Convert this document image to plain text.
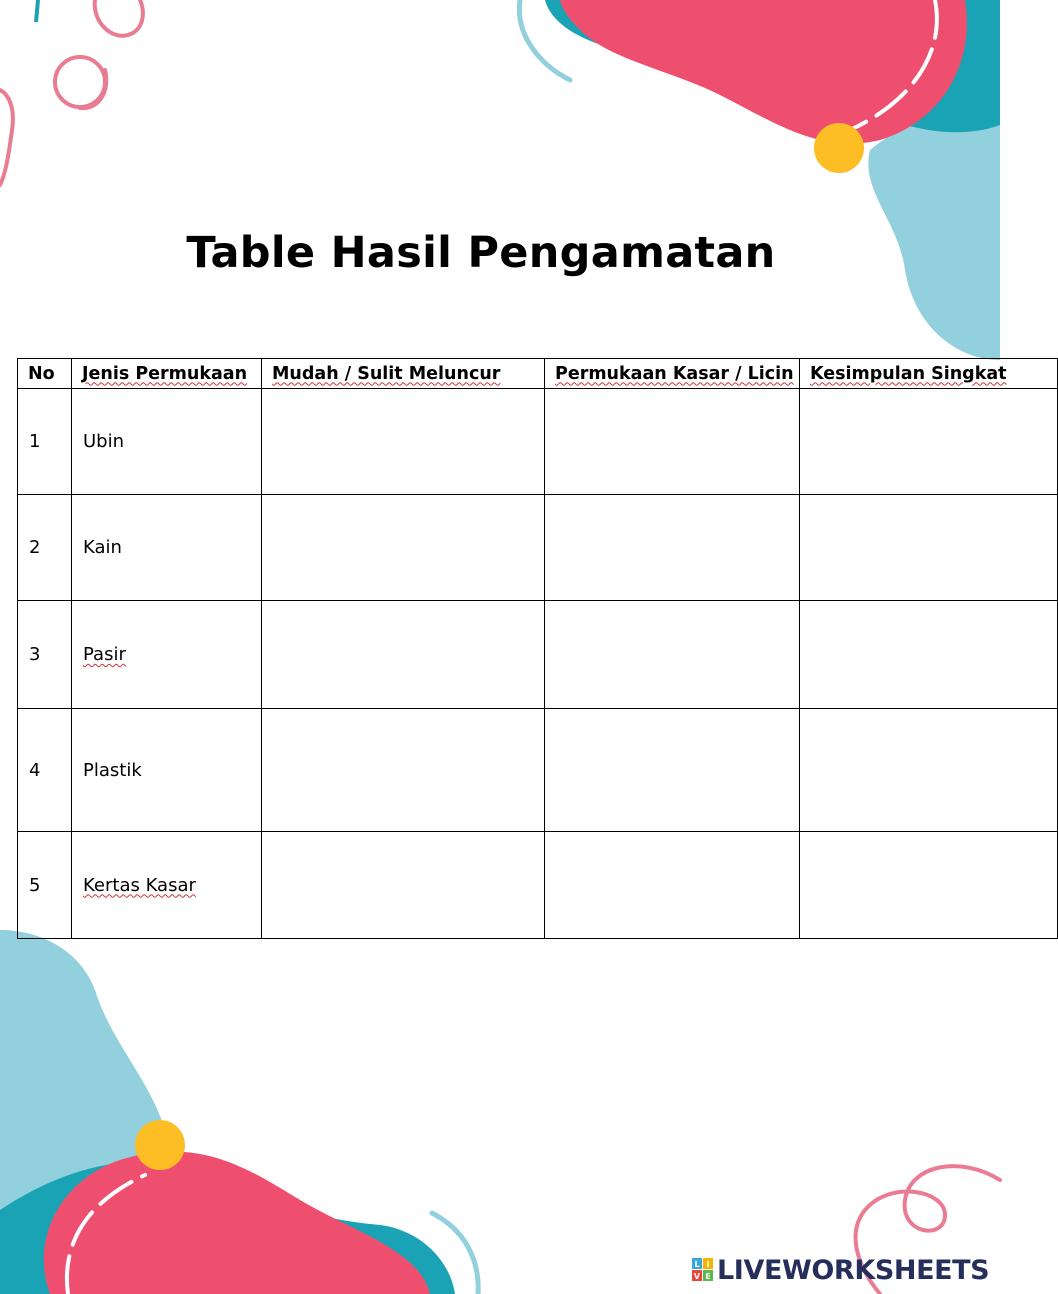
Table Hasil Pengamatan
No	Jenis Permukaan	Mudah / Sulit Meluncur	Permukaan Kasar / Licin	Kesimpulan Singkat
1	Ubin			
2	Kain			
3	Pasir			
4	Plastik			
5	Kertas Kasar			
L I
V E LIVEWORKSHEETS
